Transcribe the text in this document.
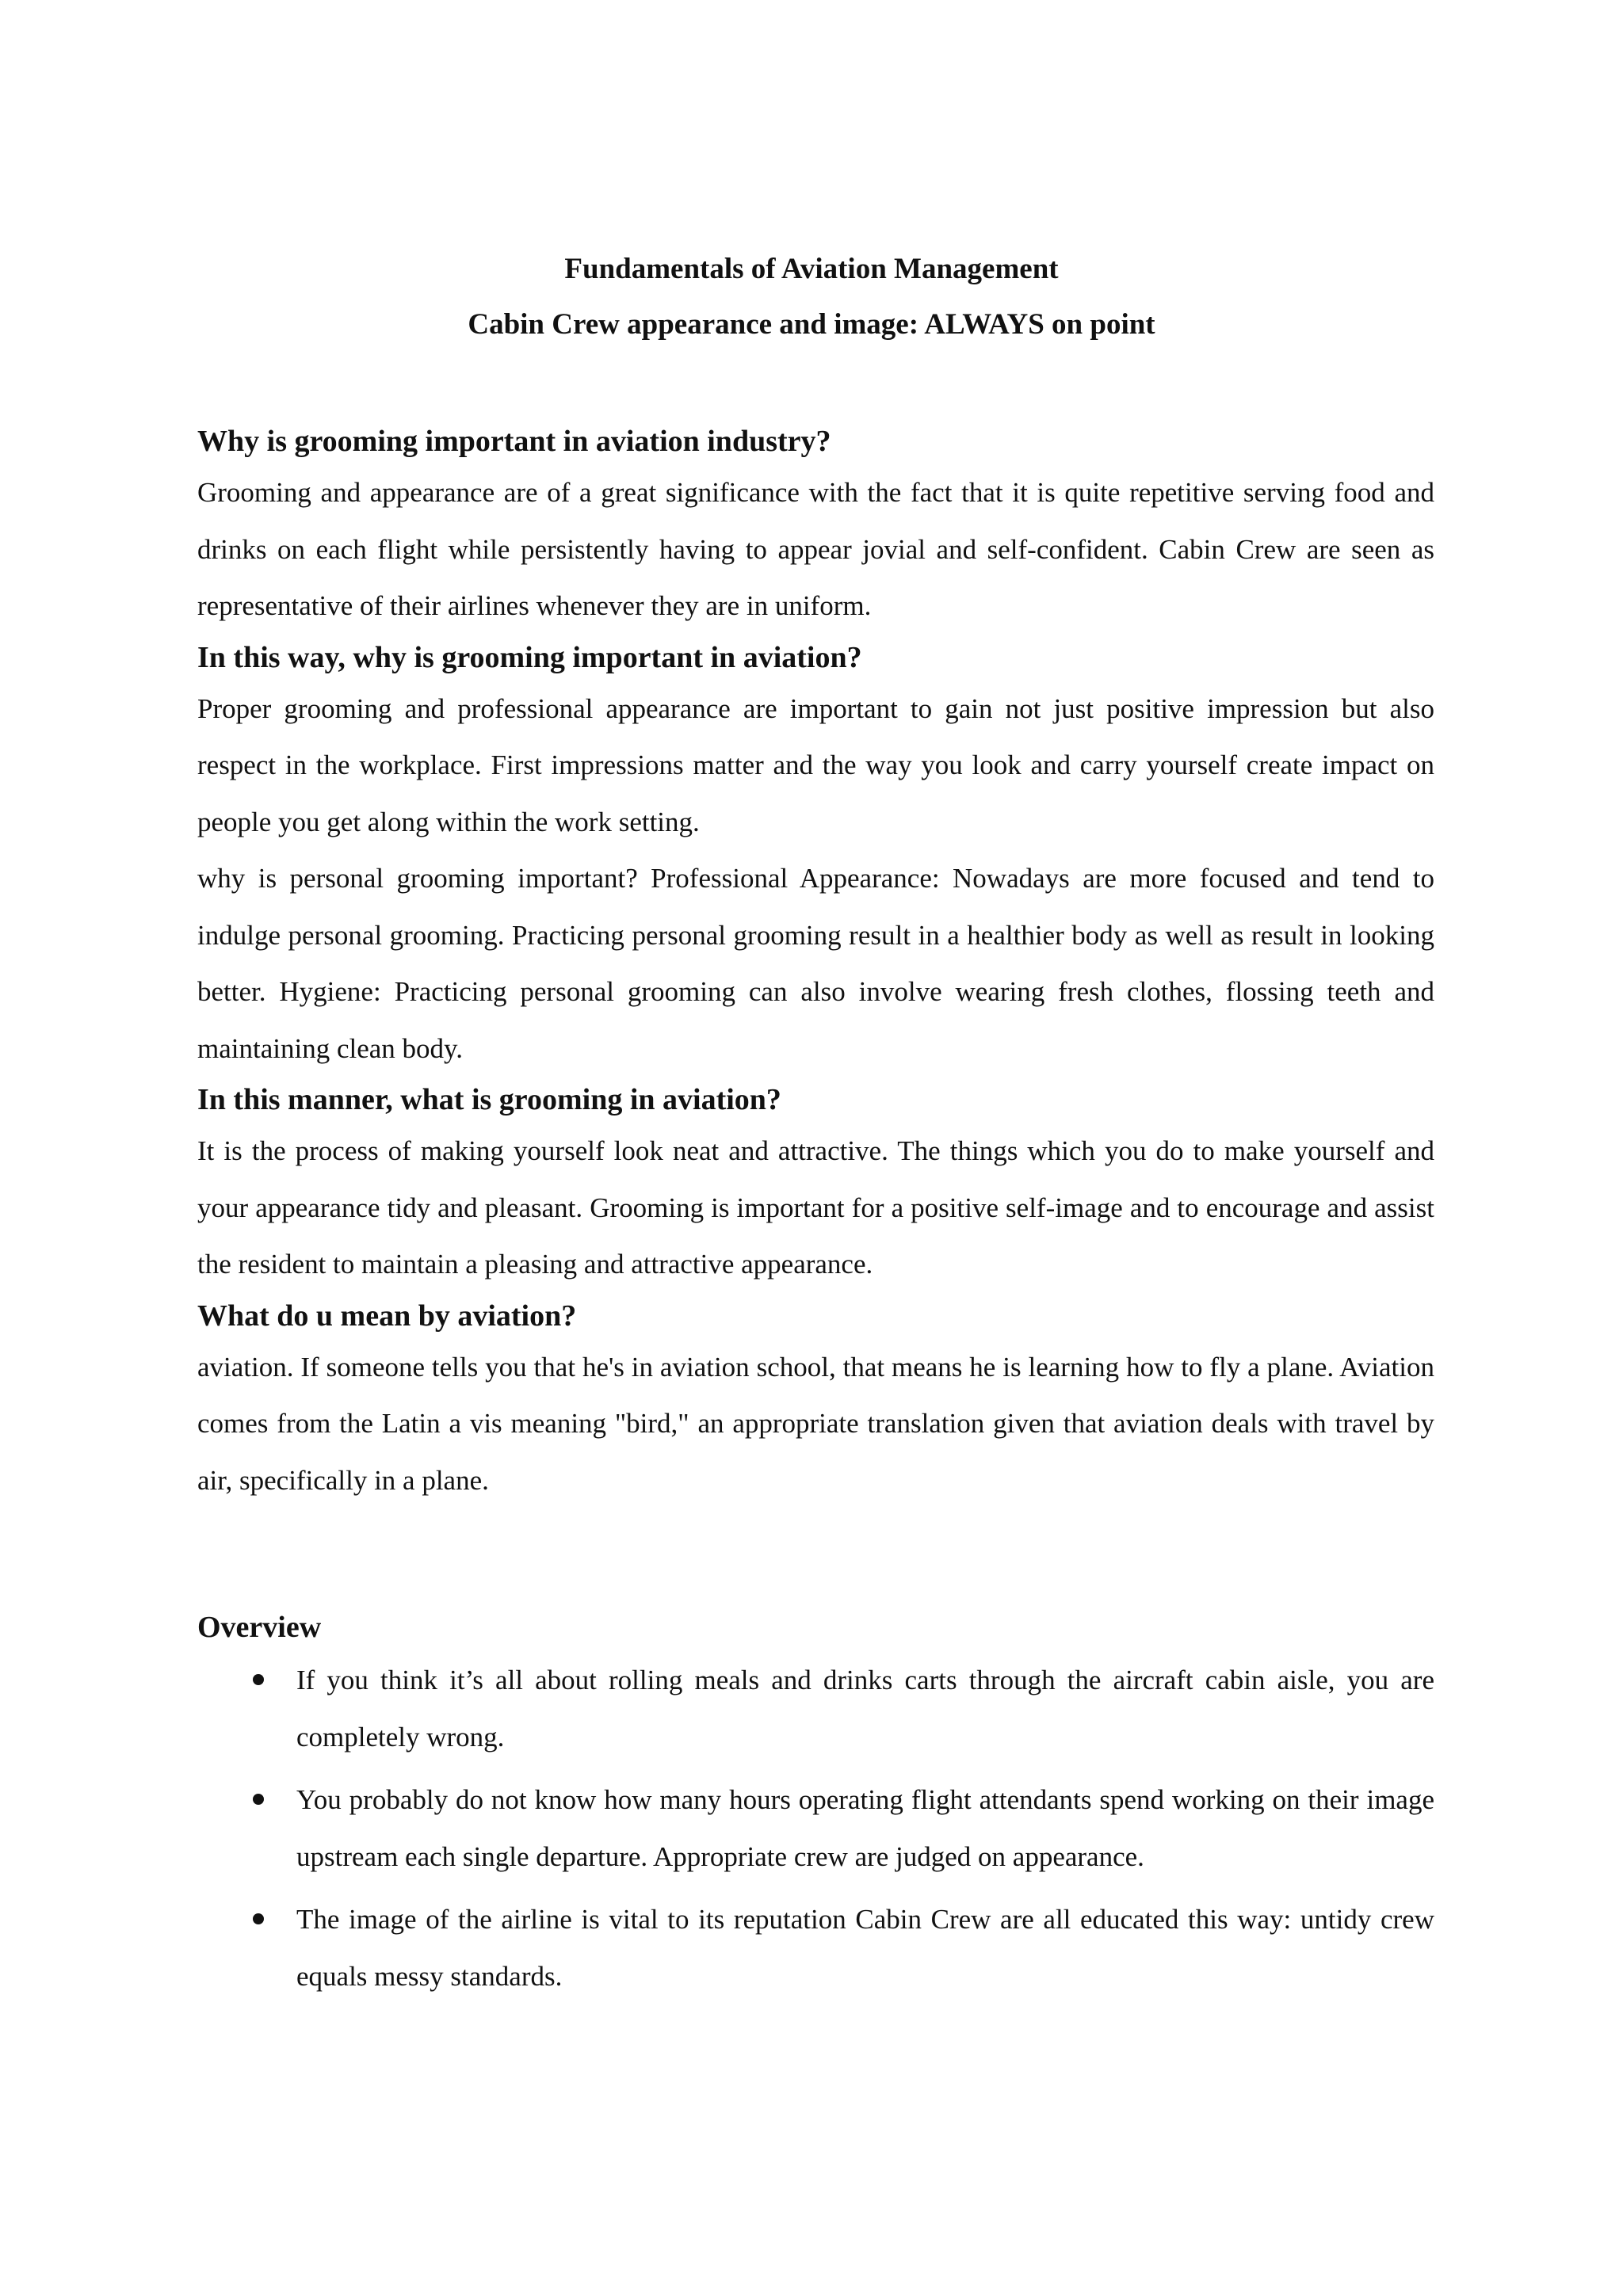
Fundamentals of Aviation Management
Cabin Crew appearance and image: ALWAYS on point
Why is grooming important in aviation industry?
Grooming and appearance are of a great significance with the fact that it is quite repetitive serving food and drinks on each flight while persistently having to appear jovial and self-confident. Cabin Crew are seen as representative of their airlines whenever they are in uniform.
In this way, why is grooming important in aviation?
Proper grooming and professional appearance are important to gain not just positive impression but also respect in the workplace. First impressions matter and the way you look and carry yourself create impact on people you get along within the work setting.
why is personal grooming important? Professional Appearance: Nowadays are more focused and tend to indulge personal grooming. Practicing personal grooming result in a healthier body as well as result in looking better. Hygiene: Practicing personal grooming can also involve wearing fresh clothes, flossing teeth and maintaining clean body.
In this manner, what is grooming in aviation?
It is the process of making yourself look neat and attractive. The things which you do to make yourself and your appearance tidy and pleasant. Grooming is important for a positive self-image and to encourage and assist the resident to maintain a pleasing and attractive appearance.
What do u mean by aviation?
aviation. If someone tells you that he's in aviation school, that means he is learning how to fly a plane. Aviation comes from the Latin a vis meaning "bird," an appropriate translation given that aviation deals with travel by air, specifically in a plane.
Overview
If you think it’s all about rolling meals and drinks carts through the aircraft cabin aisle, you are completely wrong.
You probably do not know how many hours operating flight attendants spend working on their image upstream each single departure. Appropriate crew are judged on appearance.
The image of the airline is vital to its reputation Cabin Crew are all educated this way: untidy crew equals messy standards.
